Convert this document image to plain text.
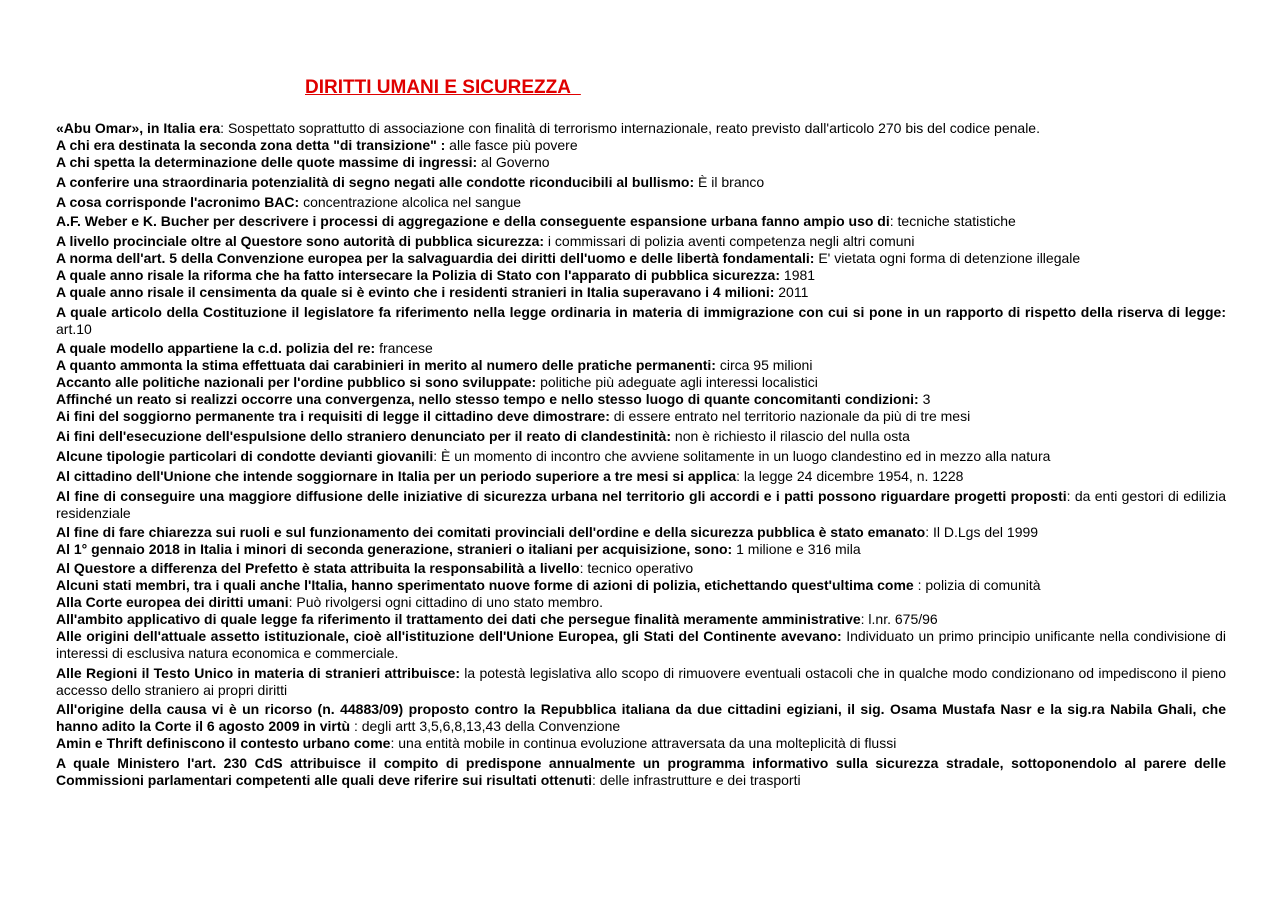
DIRITTI UMANI E SICUREZZA

«Abu Omar», in Italia era: Sospettato soprattutto di associazione con finalità di terrorismo internazionale, reato previsto dall'articolo 270 bis del codice penale.

A chi era destinata la seconda zona detta "di transizione" : alle fasce più povere

A chi spetta la determinazione delle quote massime di ingressi: al Governo

A conferire una straordinaria potenzialità di segno negati alle condotte riconducibili al bullismo: È il branco

A cosa corrisponde l'acronimo BAC: concentrazione alcolica nel sangue

A.F. Weber e K. Bucher per descrivere i processi di aggregazione e della conseguente espansione urbana fanno ampio uso di: tecniche statistiche

A livello procinciale oltre al Questore sono autorità di pubblica sicurezza: i commissari di polizia aventi competenza negli altri comuni

A norma dell'art. 5 della Convenzione europea per la salvaguardia dei diritti dell'uomo e delle libertà fondamentali: E' vietata ogni forma di detenzione illegale

A quale anno risale la riforma che ha fatto intersecare la Polizia di Stato con l'apparato di pubblica sicurezza: 1981

A quale anno risale il censimenta da quale si è evinto che i residenti stranieri in Italia superavano i 4 milioni: 2011

A quale articolo della Costituzione il legislatore fa riferimento nella legge ordinaria in materia di immigrazione con cui si pone in un rapporto di rispetto della riserva di legge: art.10

A quale modello appartiene la c.d. polizia del re: francese

A quanto ammonta la stima effettuata dai carabinieri in merito al numero delle pratiche permanenti: circa 95 milioni

Accanto alle politiche nazionali per l'ordine pubblico si sono sviluppate: politiche più adeguate agli interessi localistici

Affinché un reato si realizzi occorre una convergenza, nello stesso tempo e nello stesso luogo di quante concomitanti condizioni: 3

Ai fini del soggiorno permanente tra i requisiti di legge il cittadino deve dimostrare: di essere entrato nel territorio nazionale da più di tre mesi

Ai fini dell'esecuzione dell'espulsione dello straniero denunciato per il reato di clandestinità: non è richiesto il rilascio del nulla osta

Alcune tipologie particolari di condotte devianti giovanili: È un momento di incontro che avviene solitamente in un luogo clandestino ed in mezzo alla natura

Al cittadino dell'Unione che intende soggiornare in Italia per un periodo superiore a tre mesi si applica: la legge 24 dicembre 1954, n. 1228

Al fine di conseguire una maggiore diffusione delle iniziative di sicurezza urbana nel territorio gli accordi e i patti possono riguardare progetti proposti: da enti gestori di edilizia residenziale

Al fine di fare chiarezza sui ruoli e sul funzionamento dei comitati provinciali dell'ordine e della sicurezza pubblica è stato emanato: Il D.Lgs del 1999

Al 1° gennaio 2018 in Italia i minori di seconda generazione, stranieri o italiani per acquisizione, sono: 1 milione e 316 mila

Al Questore a differenza del Prefetto è stata attribuita la responsabilità a livello: tecnico operativo

Alcuni stati membri, tra i quali anche l'Italia, hanno sperimentato nuove forme di azioni di polizia, etichettando quest'ultima come : polizia di comunità

Alla Corte europea dei diritti umani: Può rivolgersi ogni cittadino di uno stato membro.

All'ambito applicativo di quale legge fa riferimento il trattamento dei dati che persegue finalità meramente amministrative: l.nr. 675/96

Alle origini dell'attuale assetto istituzionale, cioè all'istituzione dell'Unione Europea, gli Stati del Continente avevano: Individuato un primo principio unificante nella condivisione di interessi di esclusiva natura economica e commerciale.

Alle Regioni il Testo Unico in materia di stranieri attribuisce: la potestà legislativa allo scopo di rimuovere eventuali ostacoli che in qualche modo condizionano od impediscono il pieno accesso dello straniero ai propri diritti

All'origine della causa vi è un ricorso (n. 44883/09) proposto contro la Repubblica italiana da due cittadini egiziani, il sig. Osama Mustafa Nasr e la sig.ra Nabila Ghali, che hanno adito la Corte il 6 agosto 2009 in virtù : degli artt 3,5,6,8,13,43 della Convenzione

Amin e Thrift definiscono il contesto urbano come: una entità mobile in continua evoluzione attraversata da una molteplicità di flussi

A quale Ministero l'art. 230 CdS attribuisce il compito di predispone annualmente un programma informativo sulla sicurezza stradale, sottoponendolo al parere delle Commissioni parlamentari competenti alle quali deve riferire sui risultati ottenuti: delle infrastrutture e dei trasporti
